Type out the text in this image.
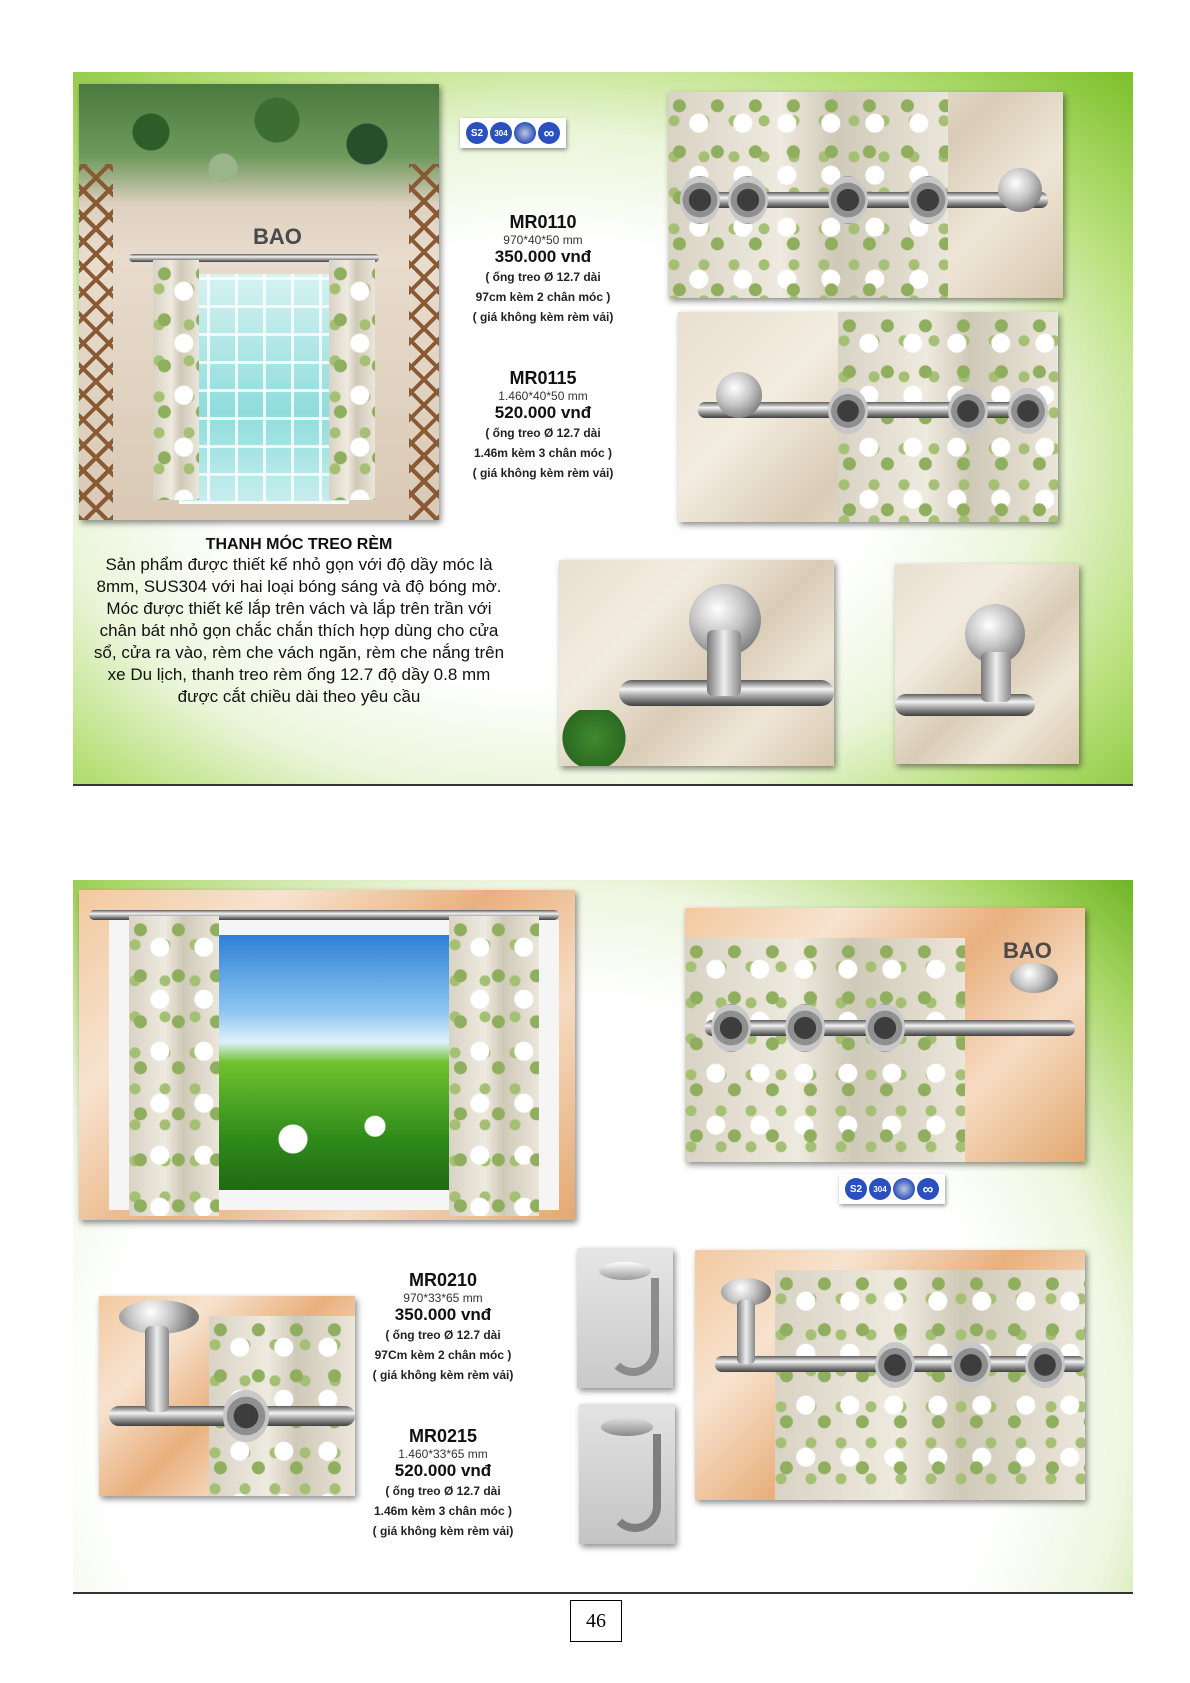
BAO
S2	304	∞
MR0110
970*40*50 mm
350.000 vnđ
( ống treo Ø 12.7 dài
97cm kèm 2 chân móc )
( giá không kèm rèm vải)
MR0115
1.460*40*50 mm
520.000 vnđ
( ống treo Ø 12.7 dài
1.46m kèm 3 chân móc )
( giá không kèm rèm vải)
THANH MÓC TREO RÈM
Sản phẩm được thiết kế nhỏ gọn với độ dầy móc là 8mm, SUS304 với hai loại bóng sáng và độ bóng mờ. Móc được thiết kế lắp trên vách và lắp trên trần với chân bát nhỏ gọn chắc chắn thích hợp dùng cho cửa sổ, cửa ra vào, rèm che vách ngăn, rèm che nắng trên xe Du lịch, thanh treo rèm ống 12.7 độ dầy 0.8 mm được cắt chiều dài theo yêu cầu
BAO
S2	304	∞
MR0210
970*33*65 mm
350.000 vnđ
( ống treo Ø 12.7 dài
97Cm kèm 2 chân móc )
( giá không kèm rèm vải)
MR0215
1.460*33*65 mm
520.000 vnđ
( ống treo Ø 12.7 dài
1.46m kèm 3 chân móc )
( giá không kèm rèm vải)
46
